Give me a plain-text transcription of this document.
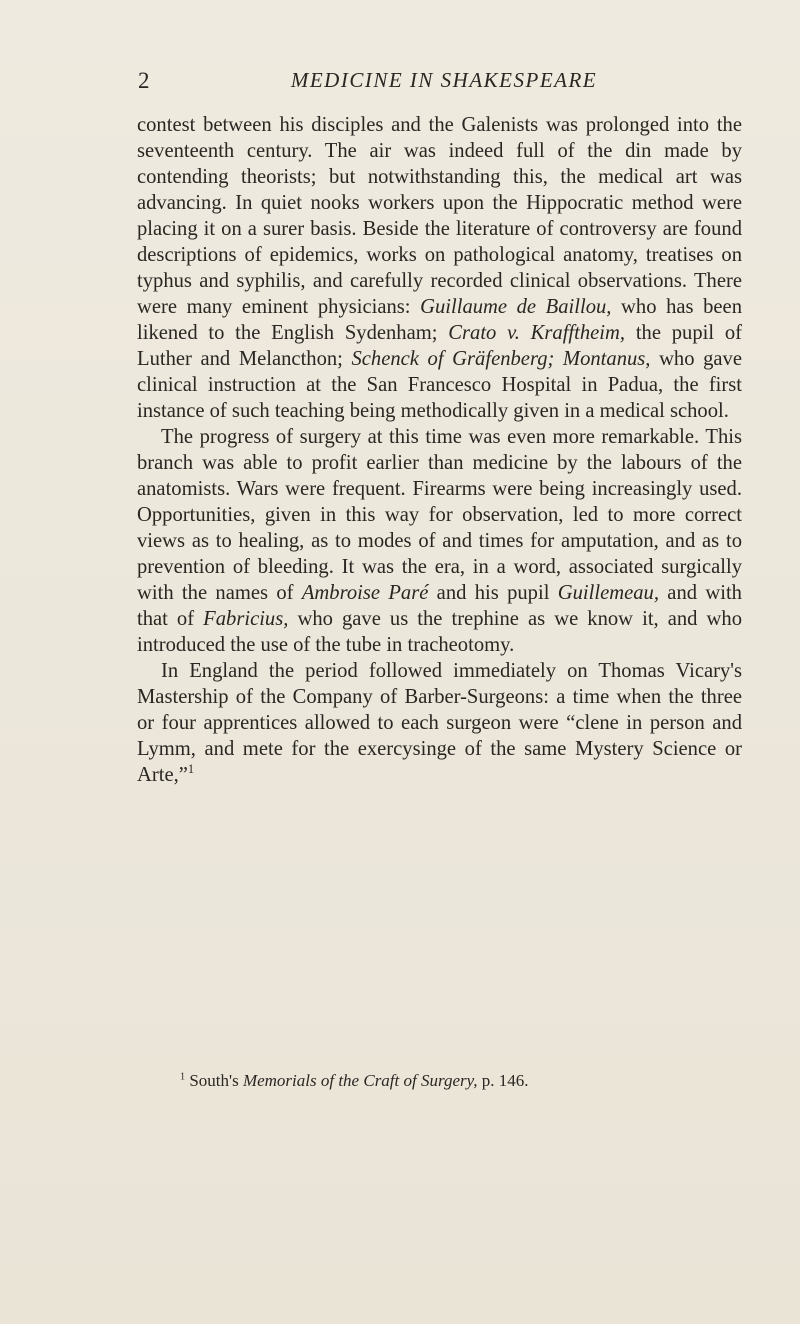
2	MEDICINE IN SHAKESPEARE

contest between his disciples and the Galenists was prolonged into the seventeenth century. The air was indeed full of the din made by contending theorists; but notwithstanding this, the medical art was advancing. In quiet nooks workers upon the Hippocratic method were placing it on a surer basis. Beside the literature of controversy are found descriptions of epidemics, works on pathological anatomy, treatises on typhus and syphilis, and carefully recorded clinical observations. There were many eminent physicians: Guillaume de Baillou, who has been likened to the English Sydenham; Crato v. Krafftheim, the pupil of Luther and Melancthon; Schenck of Gräfenberg; Montanus, who gave clinical instruction at the San Francesco Hospital in Padua, the first instance of such teaching being methodically given in a medical school.

The progress of surgery at this time was even more remarkable. This branch was able to profit earlier than medicine by the labours of the anatomists. Wars were frequent. Firearms were being increasingly used. Opportunities, given in this way for observation, led to more correct views as to healing, as to modes of and times for amputation, and as to prevention of bleeding. It was the era, in a word, associated surgically with the names of Ambroise Paré and his pupil Guillemeau, and with that of Fabricius, who gave us the trephine as we know it, and who introduced the use of the tube in tracheotomy.

In England the period followed immediately on Thomas Vicary's Mastership of the Company of Barber-Surgeons: a time when the three or four apprentices allowed to each surgeon were “clene in person and Lymm, and mete for the exercysinge of the same Mystery Science or Arte,”$^1$

$^1$ South's Memorials of the Craft of Surgery, p. 146.
